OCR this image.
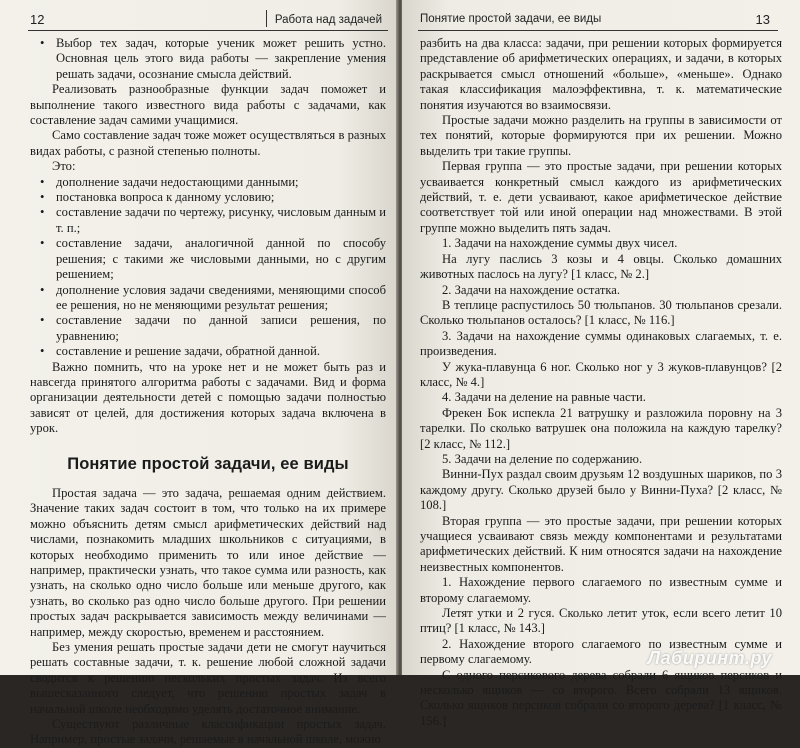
12	Работа над задачей
• Выбор тех задач, которые ученик может решить устно. Основная цель этого вида работы — закрепление умения решать задачи, осознание смысла действий.

Реализовать разнообразные функции задач поможет и выполнение такого известного вида работы с задачами, как составление задач самими учащимися.

Само составление задач тоже может осуществляться в разных видах работы, с разной степенью полноты.

Это:

• дополнение задачи недостающими данными;
• постановка вопроса к данному условию;
• составление задачи по чертежу, рисунку, числовым данным и т. п.;
• составление задачи, аналогичной данной по способу решения; с такими же числовыми данными, но с другим решением;
• дополнение условия задачи сведениями, меняющими способ ее решения, но не меняющими результат решения;
• составление задачи по данной записи решения, по уравнению;
• составление и решение задачи, обратной данной.

Важно помнить, что на уроке нет и не может быть раз и навсегда принятого алгоритма работы с задачами. Вид и форма организации деятельности детей с помощью задачи полностью зависят от целей, для достижения которых задача включена в урок.

Понятие простой задачи, ее виды

Простая задача — это задача, решаемая одним действием. Значение таких задач состоит в том, что только на их примере можно объяснить детям смысл арифметических действий над числами, познакомить младших школьников с ситуациями, в которых необходимо применить то или иное действие — например, практически узнать, что такое сумма или разность, как узнать, на сколько одно число больше или меньше другого, как узнать, во сколько раз одно число больше другого. При решении простых задач раскрывается зависимость между величинами — например, между скоростью, временем и расстоянием.

Без умения решать простые задачи дети не смогут научиться решать составные задачи, т. к. решение любой сложной задачи сводится к решению нескольких простых задач. Из всего вышесказанного следует, что решению простых задач в начальной школе необходимо уделять достаточное внимание.

Существуют различные классификации простых задач. Например, простые задачи, решаемые в начальной школе, можно

Понятие простой задачи, ее виды	13

разбить на два класса: задачи, при решении которых формируется представление об арифметических операциях, и задачи, в которых раскрывается смысл отношений «больше», «меньше». Однако такая классификация малоэффективна, т. к. математические понятия изучаются во взаимосвязи.

Простые задачи можно разделить на группы в зависимости от тех понятий, которые формируются при их решении. Можно выделить три такие группы.

Первая группа — это простые задачи, при решении которых усваивается конкретный смысл каждого из арифметических действий, т. е. дети усваивают, какое арифметическое действие соответствует той или иной операции над множествами. В этой группе можно выделить пять задач.

1. Задачи на нахождение суммы двух чисел.

На лугу паслись 3 козы и 4 овцы. Сколько домашних животных паслось на лугу? [1 класс, № 2.]

2. Задачи на нахождение остатка.

В теплице распустилось 50 тюльпанов. 30 тюльпанов срезали. Сколько тюльпанов осталось? [1 класс, № 116.]

3. Задачи на нахождение суммы одинаковых слагаемых, т. е. произведения.

У жука-плавунца 6 ног. Сколько ног у 3 жуков-плавунцов? [2 класс, № 4.]

4. Задачи на деление на равные части.

Фрекен Бок испекла 21 ватрушку и разложила поровну на 3 тарелки. По сколько ватрушек она положила на каждую тарелку? [2 класс, № 112.]

5. Задачи на деление по содержанию.

Винни-Пух раздал своим друзьям 12 воздушных шариков, по 3 каждому другу. Сколько друзей было у Винни-Пуха? [2 класс, № 108.]

Вторая группа — это простые задачи, при решении которых учащиеся усваивают связь между компонентами и результатами арифметических действий. К ним относятся задачи на нахождение неизвестных компонентов.

1. Нахождение первого слагаемого по известным сумме и второму слагаемому.

Летят утки и 2 гуся. Сколько летит уток, если всего летит 10 птиц? [1 класс, № 143.]

2. Нахождение второго слагаемого по известным сумме и первому слагаемому.

С одного персикового дерева собрали 6 ящиков персиков и несколько ящиков — со второго. Всего собрали 13 ящиков. Сколько ящиков персиков собрали со второго дерева? [1 класс, № 156.]

Лабиринт.ру
